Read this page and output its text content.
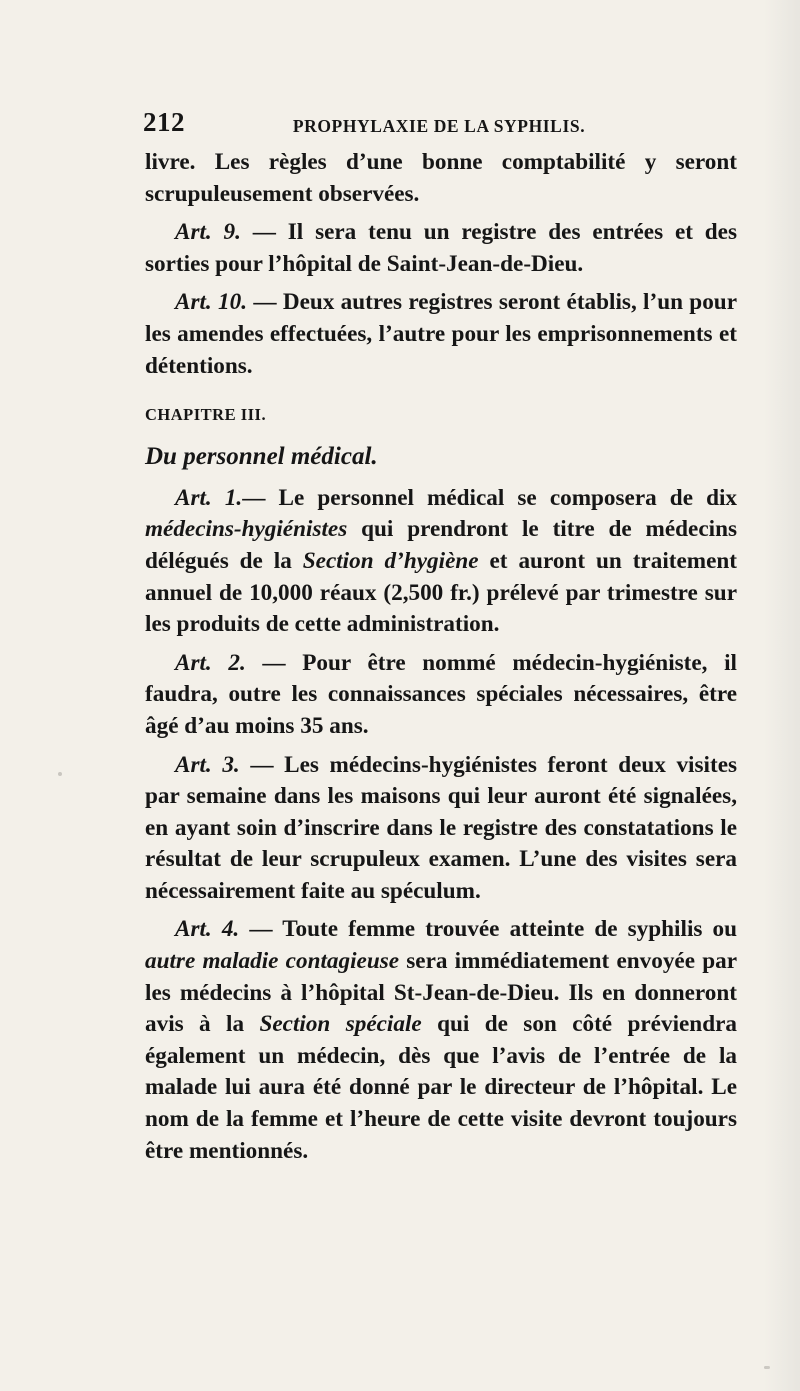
212	PROPHYLAXIE DE LA SYPHILIS.

livre. Les règles d’une bonne comptabilité y seront scrupuleusement observées.

Art. 9. — Il sera tenu un registre des entrées et des sorties pour l’hôpital de Saint-Jean-de-Dieu.

Art. 10. — Deux autres registres seront établis, l’un pour les amendes effectuées, l’autre pour les emprisonnements et détentions.

CHAPITRE III.

Du personnel médical.

Art. 1.— Le personnel médical se composera de dix médecins-hygiénistes qui prendront le titre de médecins délégués de la Section d’hygiène et auront un traitement annuel de 10,000 réaux (2,500 fr.) prélevé par trimestre sur les produits de cette administration.

Art. 2. — Pour être nommé médecin-hygiéniste, il faudra, outre les connaissances spéciales nécessaires, être âgé d’au moins 35 ans.

Art. 3. — Les médecins-hygiénistes feront deux visites par semaine dans les maisons qui leur auront été signalées, en ayant soin d’inscrire dans le registre des constatations le résultat de leur scrupuleux examen. L’une des visites sera nécessairement faite au spéculum.

Art. 4. — Toute femme trouvée atteinte de syphilis ou autre maladie contagieuse sera immédiatement envoyée par les médecins à l’hôpital St-Jean-de-Dieu. Ils en donneront avis à la Section spéciale qui de son côté préviendra également un médecin, dès que l’avis de l’entrée de la malade lui aura été donné par le directeur de l’hôpital. Le nom de la femme et l’heure de cette visite devront toujours être mentionnés.
